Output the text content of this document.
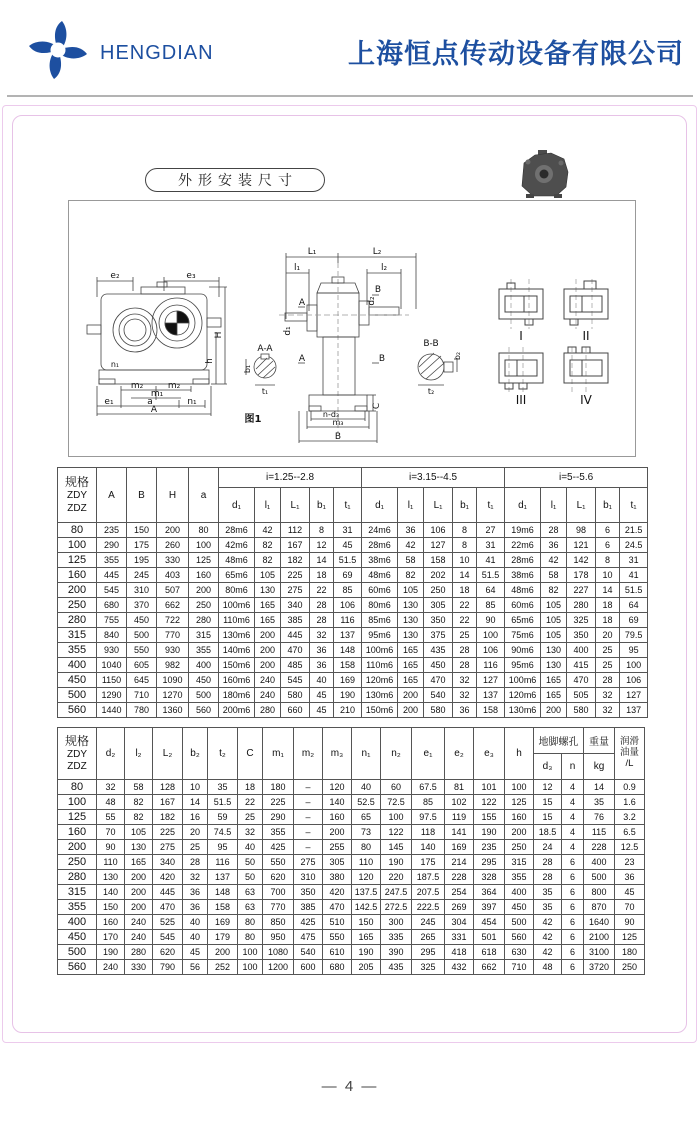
HENGDIAN	上海恒点传动设备有限公司
外形安装尺寸
e₂	e₃
H
h
n₁
m₂	m₂
m₁
e₁	a	n₁
A
A-A
b₁
t₁
图1
L₁	L₂
l₁	l₂
B
A
A	B
d₁
d₂
C
n-d₃
m₃
B
B-B
b₂
t₂
I	II
III	IV
规格
ZDY
ZDZ	A	B	H	a	i=1.25--2.8					i=3.15--4.5					i=5--5.6				
					d₁	l₁	L₁	b₁	t₁	d₁	l₁	L₁	b₁	t₁	d₁	l₁	L₁	b₁	t₁
80	235	150	200	80	28m6	42	112	8	31	24m6	36	106	8	27	19m6	28	98	6	21.5
100	290	175	260	100	42m6	82	167	12	45	28m6	42	127	8	31	22m6	36	121	6	24.5
125	355	195	330	125	48m6	82	182	14	51.5	38m6	58	158	10	41	28m6	42	142	8	31
160	445	245	403	160	65m6	105	225	18	69	48m6	82	202	14	51.5	38m6	58	178	10	41
200	545	310	507	200	80m6	130	275	22	85	60m6	105	250	18	64	48m6	82	227	14	51.5
250	680	370	662	250	100m6	165	340	28	106	80m6	130	305	22	85	60m6	105	280	18	64
280	755	450	722	280	110m6	165	385	28	116	85m6	130	350	22	90	65m6	105	325	18	69
315	840	500	770	315	130m6	200	445	32	137	95m6	130	375	25	100	75m6	105	350	20	79.5
355	930	550	930	355	140m6	200	470	36	148	100m6	165	435	28	106	90m6	130	400	25	95
400	1040	605	982	400	150m6	200	485	36	158	110m6	165	450	28	116	95m6	130	415	25	100
450	1150	645	1090	450	160m6	240	545	40	169	120m6	165	470	32	127	100m6	165	470	28	106
500	1290	710	1270	500	180m6	240	580	45	190	130m6	200	540	32	137	120m6	165	505	32	127
560	1440	780	1360	560	200m6	280	660	45	210	150m6	200	580	36	158	130m6	200	580	32	137
规格
ZDY
ZDZ
	d₂	l₂	L₂	b₂	t₂	C	m₁	m₂	m₃	n₁	n₂	e₁	e₂	e₃	h	地脚螺孔	重量	润滑
油量
/L

																d₃	n	kg	
80	32	58	128	10	35	18	180	–	120	40	60	67.5	81	101	100	12	4	14	0.9
100	48	82	167	14	51.5	22	225	–	140	52.5	72.5	85	102	122	125	15	4	35	1.6
125	55	82	182	16	59	25	290	–	160	65	100	97.5	119	155	160	15	4	76	3.2
160	70	105	225	20	74.5	32	355	–	200	73	122	118	141	190	200	18.5	4	115	6.5
200	90	130	275	25	95	40	425	–	255	80	145	140	169	235	250	24	4	228	12.5
250	110	165	340	28	116	50	550	275	305	110	190	175	214	295	315	28	6	400	23
280	130	200	420	32	137	50	620	310	380	120	220	187.5	228	328	355	28	6	500	36
315	140	200	445	36	148	63	700	350	420	137.5	247.5	207.5	254	364	400	35	6	800	45
355	150	200	470	36	158	63	770	385	470	142.5	272.5	222.5	269	397	450	35	6	870	70
400	160	240	525	40	169	80	850	425	510	150	300	245	304	454	500	42	6	1640	90
450	170	240	545	40	179	80	950	475	550	165	335	265	331	501	560	42	6	2100	125
500	190	280	620	45	200	100	1080	540	610	190	390	295	418	618	630	42	6	3100	180
560	240	330	790	56	252	100	1200	600	680	205	435	325	432	662	710	48	6	3720	250
— 4 —
